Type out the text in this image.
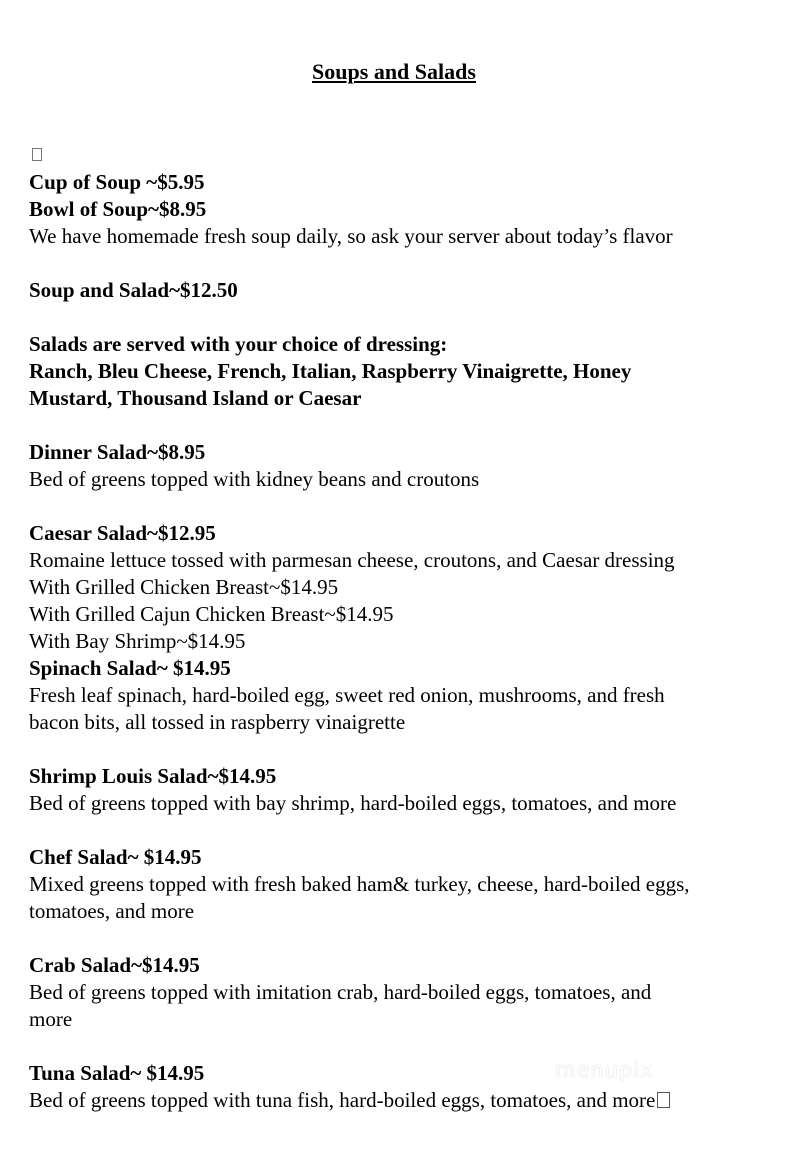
Soups and Salads
Cup of Soup ~$5.95
Bowl of Soup~$8.95
We have homemade fresh soup daily, so ask your server about today’s flavor
Soup and Salad~$12.50
Salads are served with your choice of dressing:
Ranch, Bleu Cheese, French, Italian, Raspberry Vinaigrette, Honey
Mustard, Thousand Island or Caesar
Dinner Salad~$8.95
Bed of greens topped with kidney beans and croutons
Caesar Salad~$12.95
Romaine lettuce tossed with parmesan cheese, croutons, and Caesar dressing
With Grilled Chicken Breast~$14.95
With Grilled Cajun Chicken Breast~$14.95
With Bay Shrimp~$14.95
Spinach Salad~ $14.95
Fresh leaf spinach, hard-boiled egg, sweet red onion, mushrooms, and fresh
bacon bits, all tossed in raspberry vinaigrette
Shrimp Louis Salad~$14.95
Bed of greens topped with bay shrimp, hard-boiled eggs, tomatoes, and more
Chef Salad~ $14.95
Mixed greens topped with fresh baked ham& turkey, cheese, hard-boiled eggs,
tomatoes, and more
Crab Salad~$14.95
Bed of greens topped with imitation crab, hard-boiled eggs, tomatoes, and
more
Tuna Salad~ $14.95
Bed of greens topped with tuna fish, hard-boiled eggs, tomatoes, and more
menupix
